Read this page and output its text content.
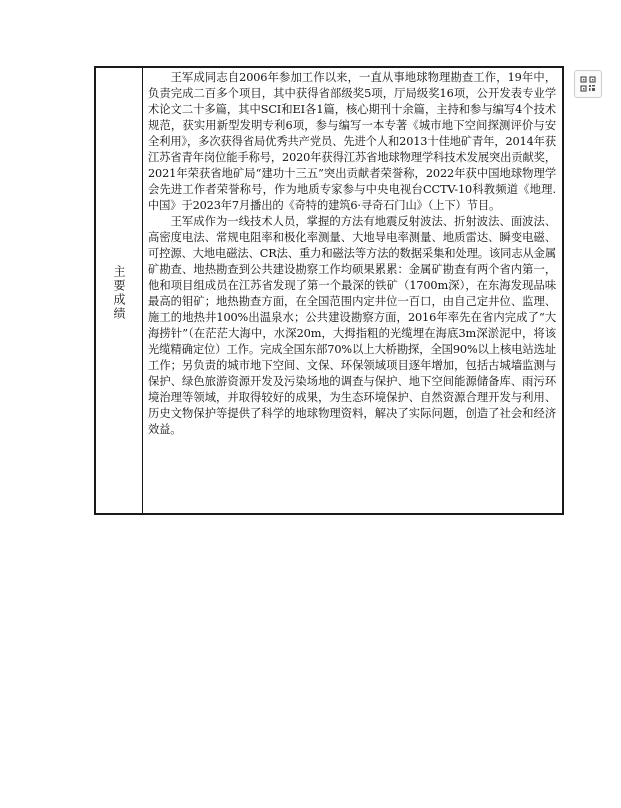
主要成绩

王军成同志自2006年参加工作以来，一直从事地球物理勘查工作，19年中，负责完成二百多个项目，其中获得省部级奖5项，厅局级奖16项，公开发表专业学术论文二十多篇，其中SCI和EI各1篇，核心期刊十余篇，主持和参与编写4个技术规范，获实用新型发明专利6项，参与编写一本专著《城市地下空间探测评价与安全利用》，多次获得省局优秀共产党员、先进个人和2013十佳地矿青年，2014年获江苏省青年岗位能手称号，2020年获得江苏省地球物理学科技术发展突出贡献奖，2021年荣获省地矿局“建功十三五”突出贡献者荣誉称，2022年获中国地球物理学会先进工作者荣誉称号，作为地质专家参与中央电视台CCTV-10科教频道《地理.中国》于2023年7月播出的《奇特的建筑6·寻奇石门山》（上下）节目。

王军成作为一线技术人员，掌握的方法有地震反射波法、折射波法、面波法、高密度电法、常规电阻率和极化率测量、大地导电率测量、地质雷达、瞬变电磁、可控源、大地电磁法、CR法、重力和磁法等方法的数据采集和处理。该同志从金属矿勘查、地热勘查到公共建设勘察工作均硕果累累：金属矿勘查有两个省内第一，他和项目组成员在江苏省发现了第一个最深的铁矿（1700m深），在东海发现品味最高的钼矿；地热勘查方面，在全国范围内定井位一百口，由自己定井位、监理、施工的地热井100%出温泉水；公共建设勘察方面，2016年率先在省内完成了“大海捞针”（在茫茫大海中，水深20m，大拇指粗的光缆埋在海底3m深淤泥中，将该光缆精确定位）工作。完成全国东部70%以上大桥勘探，全国90%以上核电站选址工作；另负责的城市地下空间、文保、环保领域项目逐年增加，包括古城墙监测与保护、绿色旅游资源开发及污染场地的调查与保护、地下空间能源储备库、雨污环境治理等领域，并取得较好的成果，为生态环境保护、自然资源合理开发与利用、历史文物保护等提供了科学的地球物理资料，解决了实际问题，创造了社会和经济效益。
